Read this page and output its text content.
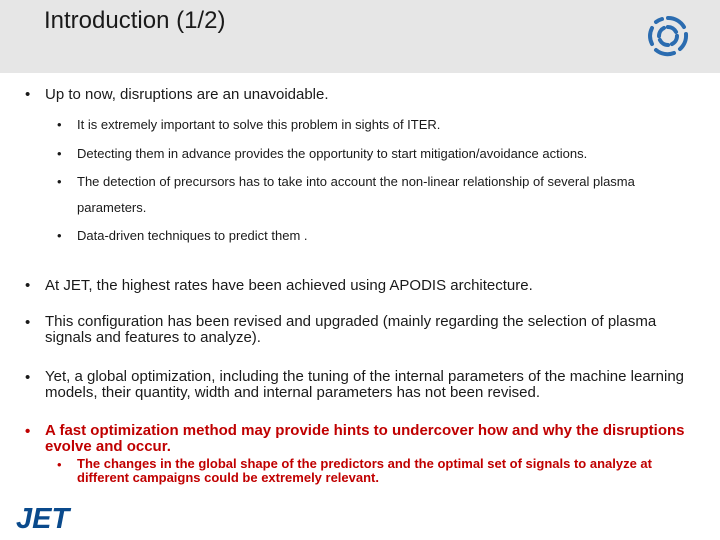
Introduction (1/2)
• Up to now, disruptions are an unavoidable.
• It is extremely important to solve this problem in sights of ITER.
• Detecting them in advance provides the opportunity to start mitigation/avoidance actions.
• The detection of precursors has to take into account the non-linear relationship of several plasma
parameters.
• Data-driven techniques to predict them .
• At JET, the highest rates have been achieved using APODIS architecture.
• This configuration has been revised and upgraded (mainly regarding the selection of plasma signals and features to analyze).
• Yet, a global optimization, including the tuning of the internal parameters of the machine learning models, their quantity, width and internal parameters has not been revised.
• A fast optimization method may provide hints to undercover how and why the disruptions evolve and occur.
• The changes in the global shape of the predictors and the optimal set of signals to analyze at different campaigns could be extremely relevant.
JET
